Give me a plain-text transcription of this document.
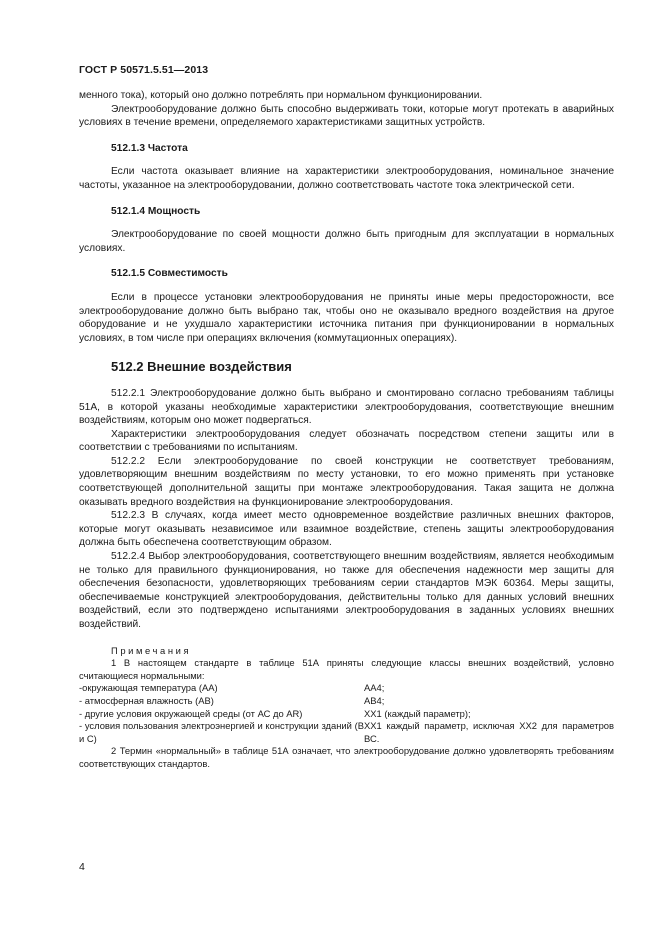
ГОСТ Р 50571.5.51—2013

менного тока), который оно должно потреблять при нормальном функционировании.

Электрооборудование должно быть способно выдерживать токи, которые могут протекать в аварийных условиях в течение времени, определяемого характеристиками защитных устройств.

512.1.3 Частота

Если частота оказывает влияние на характеристики электрооборудования, номинальное значение частоты, указанное на электрооборудовании, должно соответствовать частоте тока электрической сети.

512.1.4 Мощность

Электрооборудование по своей мощности должно быть пригодным для эксплуатации в нормальных условиях.

512.1.5 Совместимость

Если в процессе установки электрооборудования не приняты иные меры предосторожности, все электрооборудование должно быть выбрано так, чтобы оно не оказывало вредного воздействия на другое оборудование и не ухудшало характеристики источника питания при функционировании в нормальных условиях, в том числе при операциях включения (коммутационных операциях).

512.2 Внешние воздействия

512.2.1 Электрооборудование должно быть выбрано и смонтировано согласно требованиям таблицы 51А, в которой указаны необходимые характеристики электрооборудования, соответствующие внешним воздействиям, которым оно может подвергаться.

Характеристики электрооборудования следует обозначать посредством степени защиты или в соответствии с требованиями по испытаниям.

512.2.2 Если электрооборудование по своей конструкции не соответствует требованиям, удовлетворяющим внешним воздействиям по месту установки, то его можно применять при установке соответствующей дополнительной защиты при монтаже электрооборудования. Такая защита не должна оказывать вредного воздействия на функционирование электрооборудования.

512.2.3 В случаях, когда имеет место одновременное воздействие различных внешних факторов, которые могут оказывать независимое или взаимное воздействие, степень защиты электрооборудования должна быть обеспечена соответствующим образом.

512.2.4 Выбор электрооборудования, соответствующего внешним воздействиям, является необходимым не только для правильного функционирования, но также для обеспечения надежности мер защиты для обеспечения безопасности, удовлетворяющих требованиям серии стандартов МЭК 60364. Меры защиты, обеспечиваемые конструкцией электрооборудования, действительны только для данных условий внешних воздействий, если это подтверждено испытаниями электрооборудования в заданных условиях внешних воздействий.

Примечания

1 В настоящем стандарте в таблице 51А приняты следующие классы внешних воздействий, условно считающиеся нормальными:

-окружающая температура (АА)	АА4;
- атмосферная влажность (АВ)	АВ4;
- другие условия окружающей среды (от АС до AR)	XX1 (каждый параметр);
- условия пользования электроэнергией и конструкции зданий (В и С)
XX1 каждый параметр, исключая XX2 для параметров ВС.

2 Термин «нормальный» в таблице 51А означает, что электрооборудование должно удовлетворять требованиям соответствующих стандартов.

4
